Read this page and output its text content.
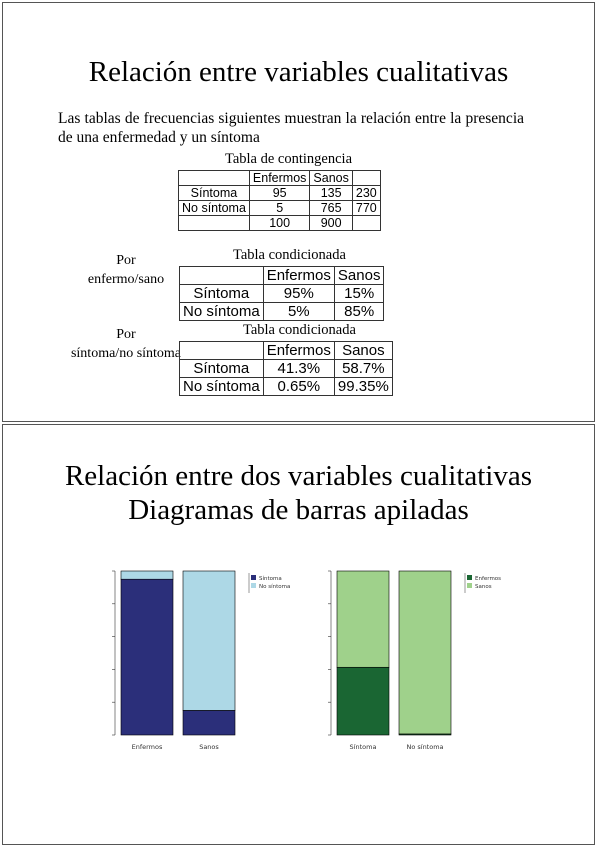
Relación entre variables cualitativas
Las tablas de frecuencias siguientes muestran la relación entre la presencia de una enfermedad y un síntoma
Tabla de contingencia
	Enfermos	Sanos	
Síntoma	95	135	230
No síntoma	5	765	770
	100	900	
Por
enfermo/sano
Tabla condicionada
	Enfermos	Sanos
Síntoma	95%	15%
No síntoma	5%	85%
Por
síntoma/no síntoma
Tabla condicionada
	Enfermos	Sanos
Síntoma	41.3%	58.7%
No síntoma	0.65%	99.35%
Relación entre dos variables cualitativas
Diagramas de barras apiladas
Enfermos	Sanos
Síntoma
No síntoma
Síntoma	No síntoma
Enfermos
Sanos
